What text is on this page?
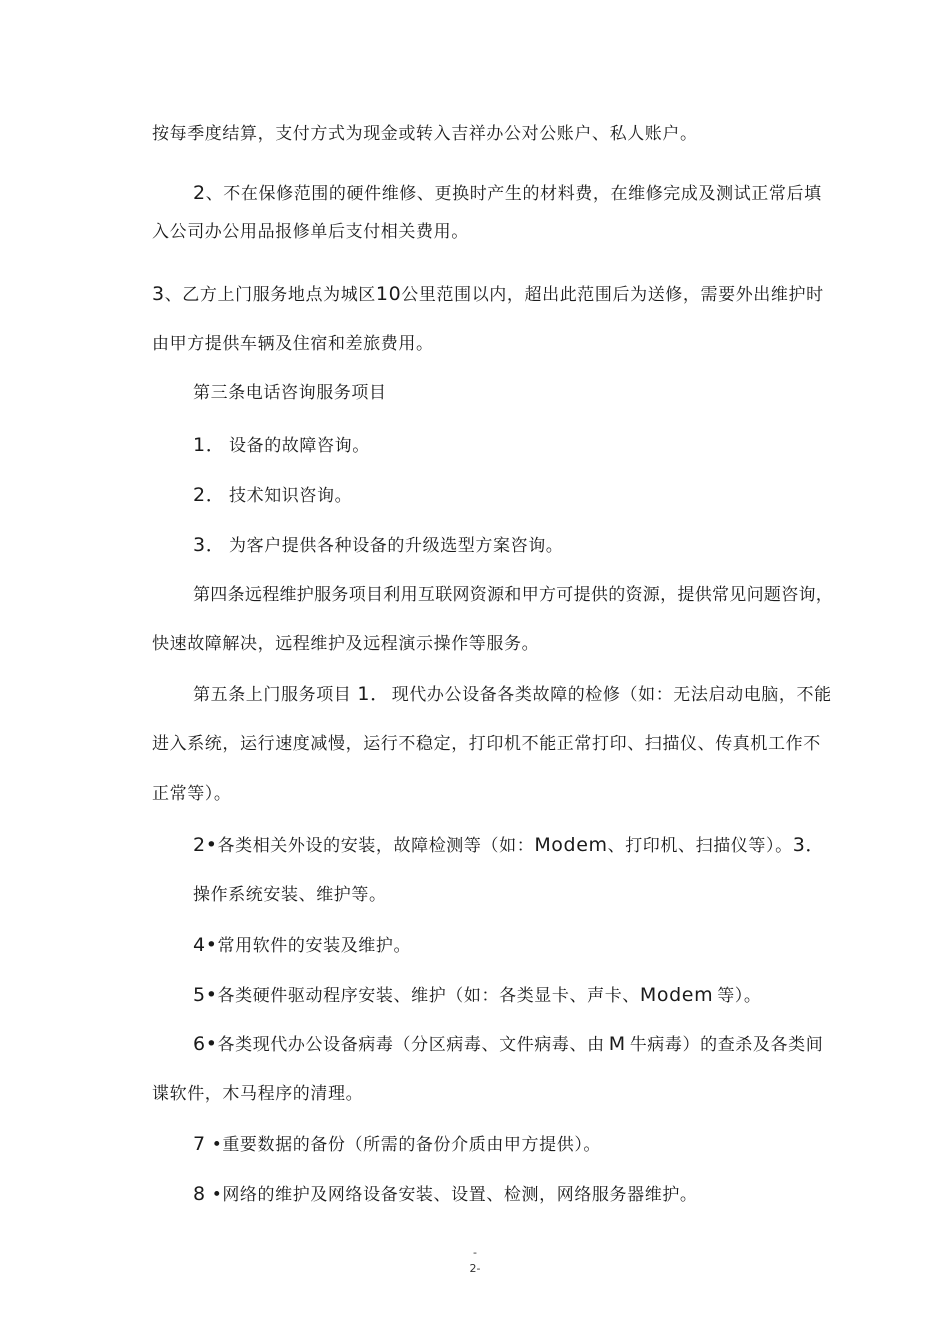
按每季度结算，支付方式为现金或转入吉祥办公对公账户、私人账户。
2、不在保修范围的硬件维修、更换时产生的材料费，在维修完成及测试正常后填
入公司办公用品报修单后支付相关费用。
3、乙方上门服务地点为城区10公里范围以内，超出此范围后为送修，需要外出维护时
由甲方提供车辆及住宿和差旅费用。
第三条电话咨询服务项目
1． 设备的故障咨询。
2． 技术知识咨询。
3． 为客户提供各种设备的升级选型方案咨询。
第四条远程维护服务项目利用互联网资源和甲方可提供的资源，提供常见问题咨询，
快速故障解决，远程维护及远程演示操作等服务。
第五条上门服务项目 1． 现代办公设备各类故障的检修（如：无法启动电脑，不能
进入系统，运行速度减慢，运行不稳定，打印机不能正常打印、扫描仪、传真机工作不
正常等）。
2•各类相关外设的安装，故障检测等（如：Modem、打印机、扫描仪等）。3．
操作系统安装、维护等。
4•常用软件的安装及维护。
5•各类硬件驱动程序安装、维护（如：各类显卡、声卡、Modem 等）。
6•各类现代办公设备病毒（分区病毒、文件病毒、由 M 牛病毒）的查杀及各类间
谍软件，木马程序的清理。
7 •重要数据的备份（所需的备份介质由甲方提供）。
8 •网络的维护及网络设备安装、设置、检测，网络服务器维护。
-
2-
